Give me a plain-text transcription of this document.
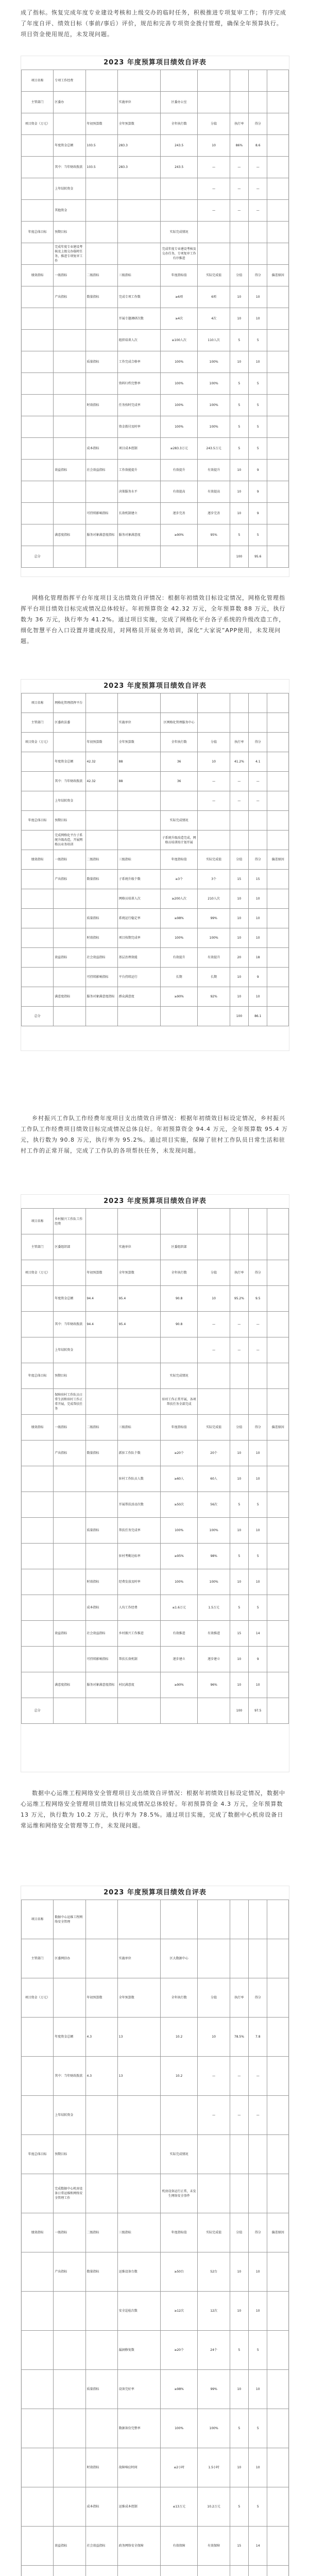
成了指标。恢复完成年度专业建设考核和上级交办的临时任务，积极推进专项复审工作；有序完成了年度自评、绩效目标（事前/事后）评价，规范和完善专项资金拨付管理，确保全年预算执行。项目资金使用规范，未发现问题。
2023 年度预算项目绩效自评表
项目名称	专项工作经费							
主管部门	区委办		实施单位	区委办公室				
项目资金（万元）		年初预算数	全年预算数	全年执行数	分值	执行率	得分	
	年度资金总额	103.5	283.3	243.5	10	86%	8.6	
	其中：当年财政拨款	103.5	283.3	243.5	—	—	—	
	上年结转资金				—	—	—	
	其他资金				—	—	—	
年度总体目标	预期目标			实际完成情况				
	完成年度专业建设考核及上级交办临时任务，推进专项复审工作			完成年度专业建设考核及交办任务，专项复审工作有序推进				
绩效指标	一级指标	二级指标	三级指标	年度指标值	实际完成值	分值	得分	偏差原因
	产出指标	数量指标	完成专项工作数	≥6项	6项	10	10	
			开展专题调研次数	≥4次	4次	10	10	
			组织培训人次	≥100人次	110人次	5	5	
		质量指标	工作完成合格率	100%	100%	10	10	
			资料归档完整率	100%	100%	5	5	
		时效指标	任务按时完成率	100%	100%	5	5	
			资金拨付及时率	100%	100%	5	5	
		成本指标	项目成本控制	≤283.3万元	243.5万元	5	5	
	效益指标	社会效益指标	工作效能提升	有效提升	有效提升	10	9	
			决策服务水平	有效提高	有效提高	10	9	
		可持续影响指标	长效机制建立	逐步完善	逐步完善	10	9	
	满意度指标	服务对象满意度指标	服务对象满意度	≥90%	95%	5	5	
总分						100	95.6	
网格化管理指挥平台年度项目支出绩效自评情况：根据年初绩效目标设定情况，网格化管理指挥平台项目绩效目标完成情况总体较好。年初预算资金 42.32 万元，全年预算数 88 万元，执行数为 36 万元，执行率为 41.2%。通过项目实施，完成了网格化平台各子系统的升级改造工作，细化智慧平台入口设置并建成投用，对网格员开展业务培训，深化“大家说”APP使用，未发现问题。
2023 年度预算项目绩效自评表
项目名称	网格化管理指挥平台							
主管部门	区委政法委		实施单位	区网格化管理服务中心				
项目资金（万元）		年初预算数	全年预算数	全年执行数	分值	执行率	得分	
	年度资金总额	42.32	88	36	10	41.2%	4.1	
	其中：当年财政拨款	42.32	88	36	—	—	—	
	上年结转资金				—	—	—	
年度总体目标	预期目标			实际完成情况				
	完成网格化平台子系统升级改造，开展网格员业务培训			子系统升级改造完成，网格员培训按计划开展				
绩效指标	一级指标	二级指标	三级指标	年度指标值	实际完成值	分值	得分	偏差原因
	产出指标	数量指标	子系统升级个数	≥3个	3个	15	15	
			网格员培训人次	≥200人次	210人次	10	10	
		质量指标	系统运行稳定率	≥98%	99%	10	10	
		时效指标	项目按期完成率	100%	100%	10	10	
	效益指标	社会效益指标	基层治理效能	有效提升	有效提升	20	18	
		可持续影响指标	平台持续运行	长期	长期	10	9	
	满意度指标	服务对象满意度指标	群众满意度	≥90%	92%	10	10	
总分						100	86.1	
乡村振兴工作队工作经费年度项目支出绩效自评情况：根据年初绩效目标设定情况，乡村振兴工作队工作经费项目绩效目标完成情况总体良好。年初预算资金 94.4 万元，全年预算数 95.4 万元，执行数为 90.8 万元，执行率为 95.2%。通过项目实施，保障了驻村工作队员日常生活和驻村工作的正常开展，完成了工作队的各项帮扶任务，未发现问题。
2023 年度预算项目绩效自评表
项目名称	乡村振兴工作队工作经费							
主管部门	区委组织部		实施单位	区委组织部				
项目资金（万元）		年初预算数	全年预算数	全年执行数	分值	执行率	得分	
	年度资金总额	94.4	95.4	90.8	10	95.2%	9.5	
	其中：当年财政拨款	94.4	95.4	90.8	—	—	—	
	上年结转资金				—	—	—	
年度总体目标	预期目标			实际完成情况				
	保障驻村工作队员日常生活和驻村工作正常开展，完成帮扶任务			驻村工作正常开展，各项帮扶任务全部完成				
绩效指标	一级指标	二级指标	三级指标	年度指标值	实际完成值	分值	得分	偏差原因
	产出指标	数量指标	派驻工作队个数	≥20个	20个	10	10	
			驻村工作队员人数	≥60人	60人	10	10	
			开展帮扶活动次数	≥50次	56次	5	5	
		质量指标	帮扶任务完成率	100%	100%	10	10	
			驻村考勤达标率	≥95%	98%	5	5	
		时效指标	经费发放及时率	100%	100%	10	10	
		成本指标	人均工作经费	≤1.6万元	1.5万元	5	5	
	效益指标	社会效益指标	乡村振兴工作推进	有效推进	有效推进	15	14	
		可持续影响指标	帮扶长效机制	逐步建立	逐步建立	10	9	
	满意度指标	服务对象满意度指标	村民满意度	≥90%	96%	10	10	
总分						100	97.5	
数据中心运维工程网络安全管理项目支出绩效自评情况：根据年初绩效目标设定情况，数据中心运维工程网络安全管理项目绩效目标完成情况总体较好。年初预算资金 4.3 万元，全年预算数 13 万元，执行数为 10.2 万元，执行率为 78.5%。通过项目实施，完成了数据中心机房设备日常运维和网络安全管理等工作，未发现问题。
2023 年度预算项目绩效自评表
项目名称	数据中心运维工程网络安全管理							
主管部门	区委网信办		实施单位	区大数据中心				
项目资金（万元）		年初预算数	全年预算数	全年执行数	分值	执行率	得分	
	年度资金总额	4.3	13	10.2	10	78.5%	7.8	
	其中：当年财政拨款	4.3	13	10.2	—	—	—	
	上年结转资金				—	—	—	
年度总体目标	预期目标			实际完成情况				
	完成数据中心机房设备日常运维和网络安全管理工作			机房设备运行正常，未发生网络安全事件				
绩效指标	一级指标	二级指标	三级指标	年度指标值	实际完成值	分值	得分	偏差原因
	产出指标	数量指标	运维设备台数	≥50台	52台	10	10	
			安全巡检次数	≥12次	12次	10	10	
			漏洞修复数	≥20个	24个	5	5	
		质量指标	设备完好率	≥98%	99%	10	10	
			数据备份完整率	100%	100%	5	5	
		时效指标	故障响应时间	≤2小时	1.5小时	10	10	
		成本指标	运维成本控制	≤13万元	10.2万元	5	5	
	效益指标	社会效益指标	政务网络安全保障	有效保障	有效保障	15	14	
